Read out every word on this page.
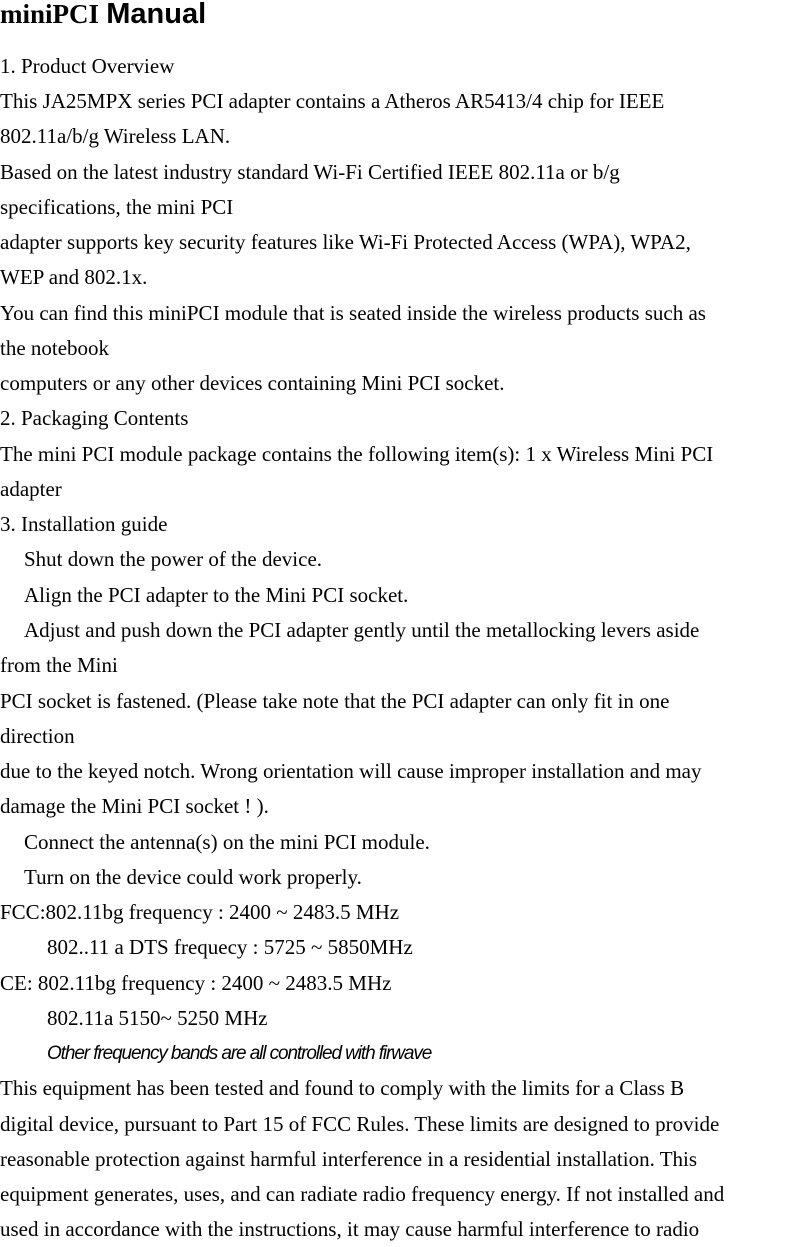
miniPCI Manual
1. Product Overview
This JA25MPX series PCI adapter contains a Atheros AR5413/4 chip for IEEE
802.11a/b/g Wireless LAN.
Based on the latest industry standard Wi-Fi Certified IEEE 802.11a or b/g
specifications, the mini PCI
adapter supports key security features like Wi-Fi Protected Access (WPA), WPA2,
WEP and 802.1x.
You can find this miniPCI module that is seated inside the wireless products such as
the notebook
computers or any other devices containing Mini PCI socket.
2. Packaging Contents
The mini PCI module package contains the following item(s): 1 x Wireless Mini PCI
adapter
3. Installation guide
Shut down the power of the device.
Align the PCI adapter to the Mini PCI socket.
Adjust and push down the PCI adapter gently until the metallocking levers aside
from the Mini
PCI socket is fastened. (Please take note that the PCI adapter can only fit in one
direction
due to the keyed notch. Wrong orientation will cause improper installation and may
damage the Mini PCI socket ! ).
Connect the antenna(s) on the mini PCI module.
Turn on the device could work properly.
FCC:802.11bg frequency : 2400 ~ 2483.5 MHz
802..11 a DTS frequecy : 5725 ~ 5850MHz
CE: 802.11bg frequency : 2400 ~ 2483.5 MHz
802.11a 5150~ 5250 MHz
Other frequency bands are all controlled with firwave
This equipment has been tested and found to comply with the limits for a Class B
digital device, pursuant to Part 15 of FCC Rules. These limits are designed to provide
reasonable protection against harmful interference in a residential installation. This
equipment generates, uses, and can radiate radio frequency energy. If not installed and
used in accordance with the instructions, it may cause harmful interference to radio
